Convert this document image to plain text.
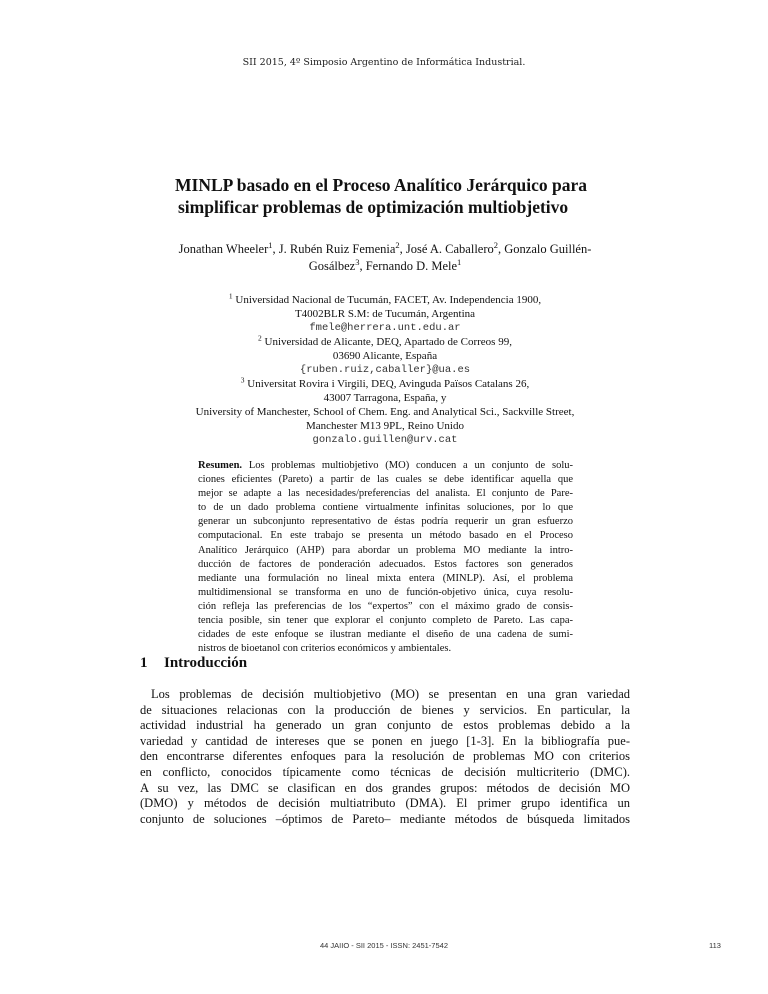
SII 2015, 4º Simposio Argentino de Informática Industrial.
MINLP basado en el Proceso Analítico Jerárquico para
simplificar problemas de optimización multiobjetivo
Jonathan Wheeler$^1$, J. Rubén Ruiz Femenia$^2$, José A. Caballero$^2$, Gonzalo Guillén-
Gosálbez$^3$, Fernando D. Mele$^1$
$^1$ Universidad Nacional de Tucumán, FACET, Av. Independencia 1900,
T4002BLR S.M: de Tucumán, Argentina
fmele@herrera.unt.edu.ar
$^2$ Universidad de Alicante, DEQ, Apartado de Correos 99,
03690 Alicante, España
{ruben.ruiz,caballer}@ua.es
$^3$ Universitat Rovira i Virgili, DEQ, Avinguda Països Catalans 26,
43007 Tarragona, España, y
University of Manchester, School of Chem. Eng. and Analytical Sci., Sackville Street,
Manchester M13 9PL, Reino Unido
gonzalo.guillen@urv.cat
Resumen. Los problemas multiobjetivo (MO) conducen a un conjunto de solu-
ciones eficientes (Pareto) a partir de las cuales se debe identificar aquella que
mejor se adapte a las necesidades/preferencias del analista. El conjunto de Pare-
to de un dado problema contiene virtualmente infinitas soluciones, por lo que
generar un subconjunto representativo de éstas podría requerir un gran esfuerzo
computacional. En este trabajo se presenta un método basado en el Proceso
Analítico Jerárquico (AHP) para abordar un problema MO mediante la intro-
ducción de factores de ponderación adecuados. Estos factores son generados
mediante una formulación no lineal mixta entera (MINLP). Así, el problema
multidimensional se transforma en uno de función-objetivo única, cuya resolu-
ción refleja las preferencias de los “expertos” con el máximo grado de consis-
tencia posible, sin tener que explorar el conjunto completo de Pareto. Las capa-
cidades de este enfoque se ilustran mediante el diseño de una cadena de sumi-
nistros de bioetanol con criterios económicos y ambientales.
1 Introducción
Los problemas de decisión multiobjetivo (MO) se presentan en una gran variedad
de situaciones relacionas con la producción de bienes y servicios. En particular, la
actividad industrial ha generado un gran conjunto de estos problemas debido a la
variedad y cantidad de intereses que se ponen en juego [1-3]. En la bibliografía pue-
den encontrarse diferentes enfoques para la resolución de problemas MO con criterios
en conflicto, conocidos típicamente como técnicas de decisión multicriterio (DMC).
A su vez, las DMC se clasifican en dos grandes grupos: métodos de decisión MO
(DMO) y métodos de decisión multiatributo (DMA). El primer grupo identifica un
conjunto de soluciones –óptimos de Pareto– mediante métodos de búsqueda limitados
44 JAIIO - SII 2015 - ISSN: 2451-7542	113
